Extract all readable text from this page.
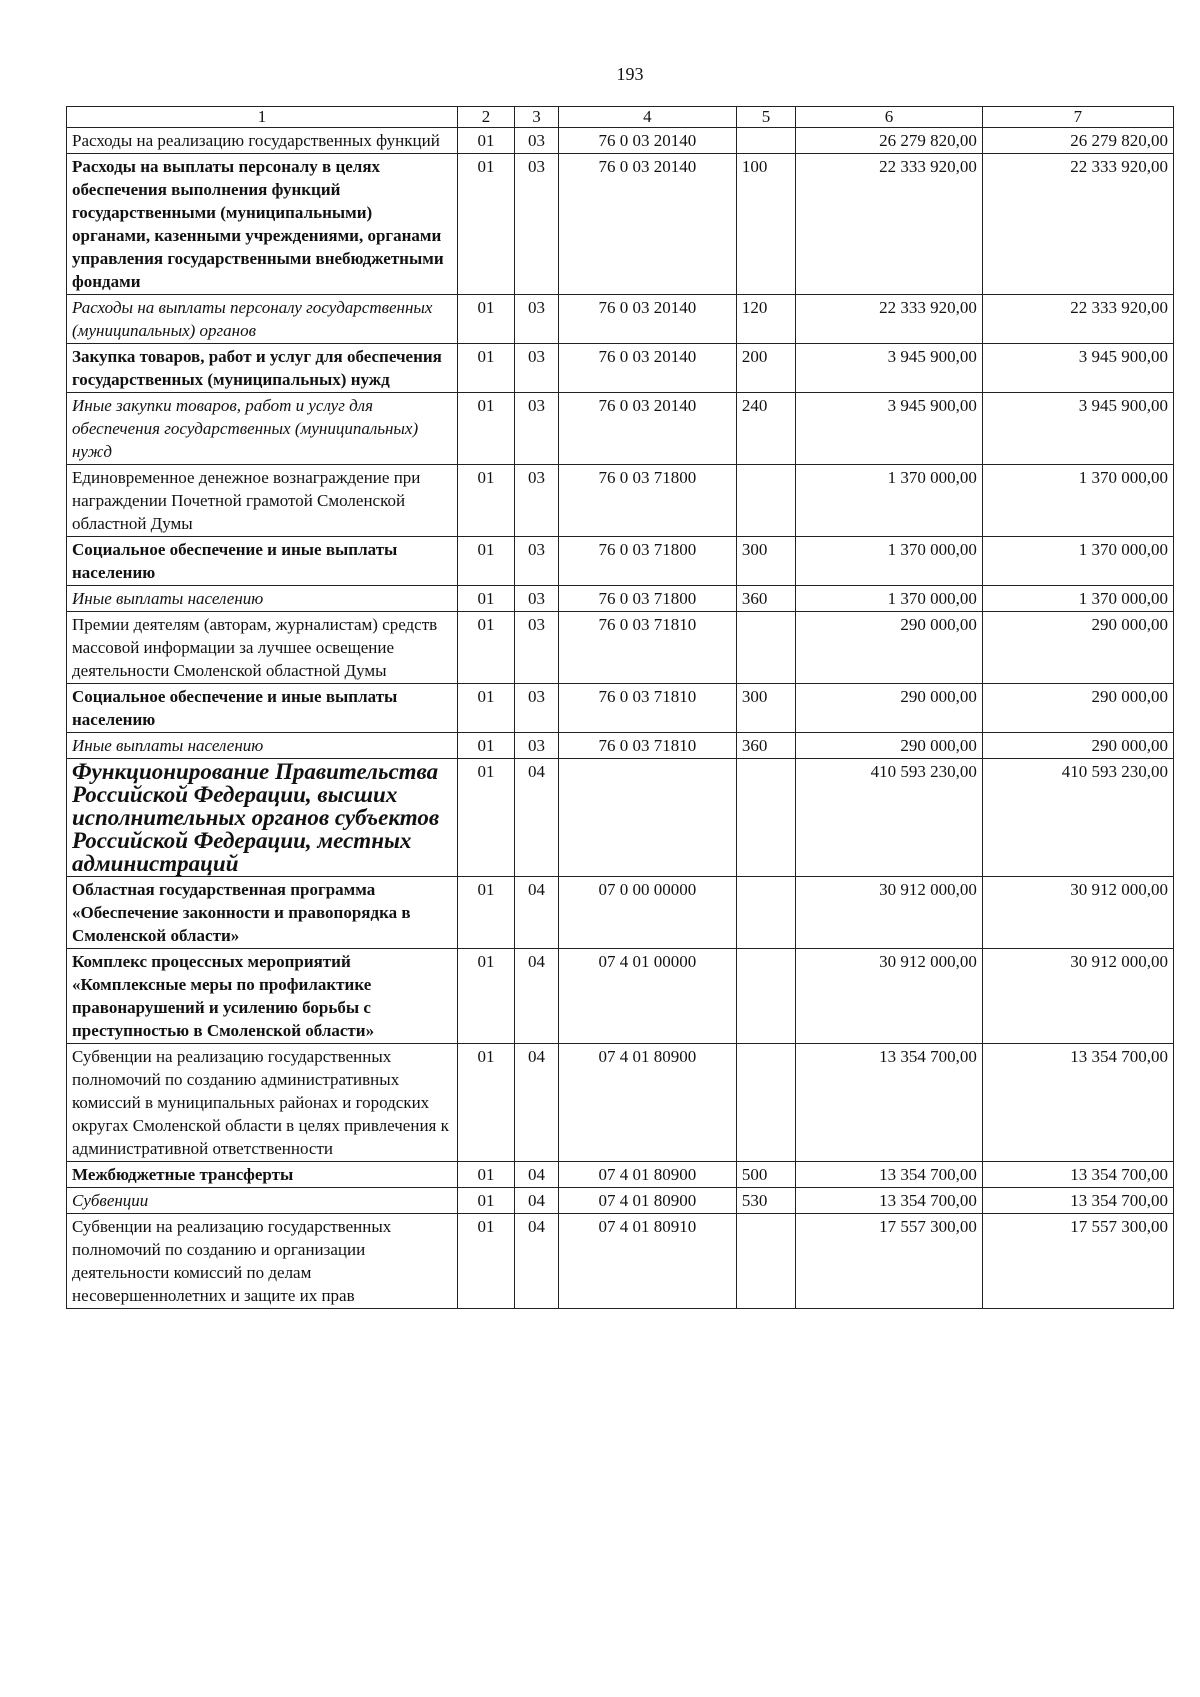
193
1	2	3	4	5	6	7
Расходы на реализацию государственных функций	01	03	76 0 03 20140		26 279 820,00	26 279 820,00
Расходы на выплаты персоналу в целях обеспечения выполнения функций государственными (муниципальными) органами, казенными учреждениями, органами управления государственными внебюджетными фондами	01	03	76 0 03 20140	100	22 333 920,00	22 333 920,00
Расходы на выплаты персоналу государственных (муниципальных) органов	01	03	76 0 03 20140	120	22 333 920,00	22 333 920,00
Закупка товаров, работ и услуг для обеспечения государственных (муниципальных) нужд	01	03	76 0 03 20140	200	3 945 900,00	3 945 900,00
Иные закупки товаров, работ и услуг для обеспечения государственных (муниципальных) нужд	01	03	76 0 03 20140	240	3 945 900,00	3 945 900,00
Единовременное денежное вознаграждение при награждении Почетной грамотой Смоленской областной Думы	01	03	76 0 03 71800		1 370 000,00	1 370 000,00
Социальное обеспечение и иные выплаты населению	01	03	76 0 03 71800	300	1 370 000,00	1 370 000,00
Иные выплаты населению	01	03	76 0 03 71800	360	1 370 000,00	1 370 000,00
Премии деятелям (авторам, журналистам) средств массовой информации за лучшее освещение деятельности Смоленской областной Думы	01	03	76 0 03 71810		290 000,00	290 000,00
Социальное обеспечение и иные выплаты населению	01	03	76 0 03 71810	300	290 000,00	290 000,00
Иные выплаты населению	01	03	76 0 03 71810	360	290 000,00	290 000,00
Функционирование Правительства Российской Федерации, высших исполнительных органов субъектов Российской Федерации, местных администраций	01	04			410 593 230,00	410 593 230,00
Областная государственная программа «Обеспечение законности и правопорядка в Смоленской области»	01	04	07 0 00 00000		30 912 000,00	30 912 000,00
Комплекс процессных мероприятий «Комплексные меры по профилактике правонарушений и усилению борьбы с преступностью в Смоленской области»	01	04	07 4 01 00000		30 912 000,00	30 912 000,00
Субвенции на реализацию государственных полномочий по созданию административных комиссий в муниципальных районах и городских округах Смоленской области в целях привлечения к административной ответственности	01	04	07 4 01 80900		13 354 700,00	13 354 700,00
Межбюджетные трансферты	01	04	07 4 01 80900	500	13 354 700,00	13 354 700,00
Субвенции	01	04	07 4 01 80900	530	13 354 700,00	13 354 700,00
Субвенции на реализацию государственных полномочий по созданию и организации деятельности комиссий по делам несовершеннолетних и защите их прав	01	04	07 4 01 80910		17 557 300,00	17 557 300,00
